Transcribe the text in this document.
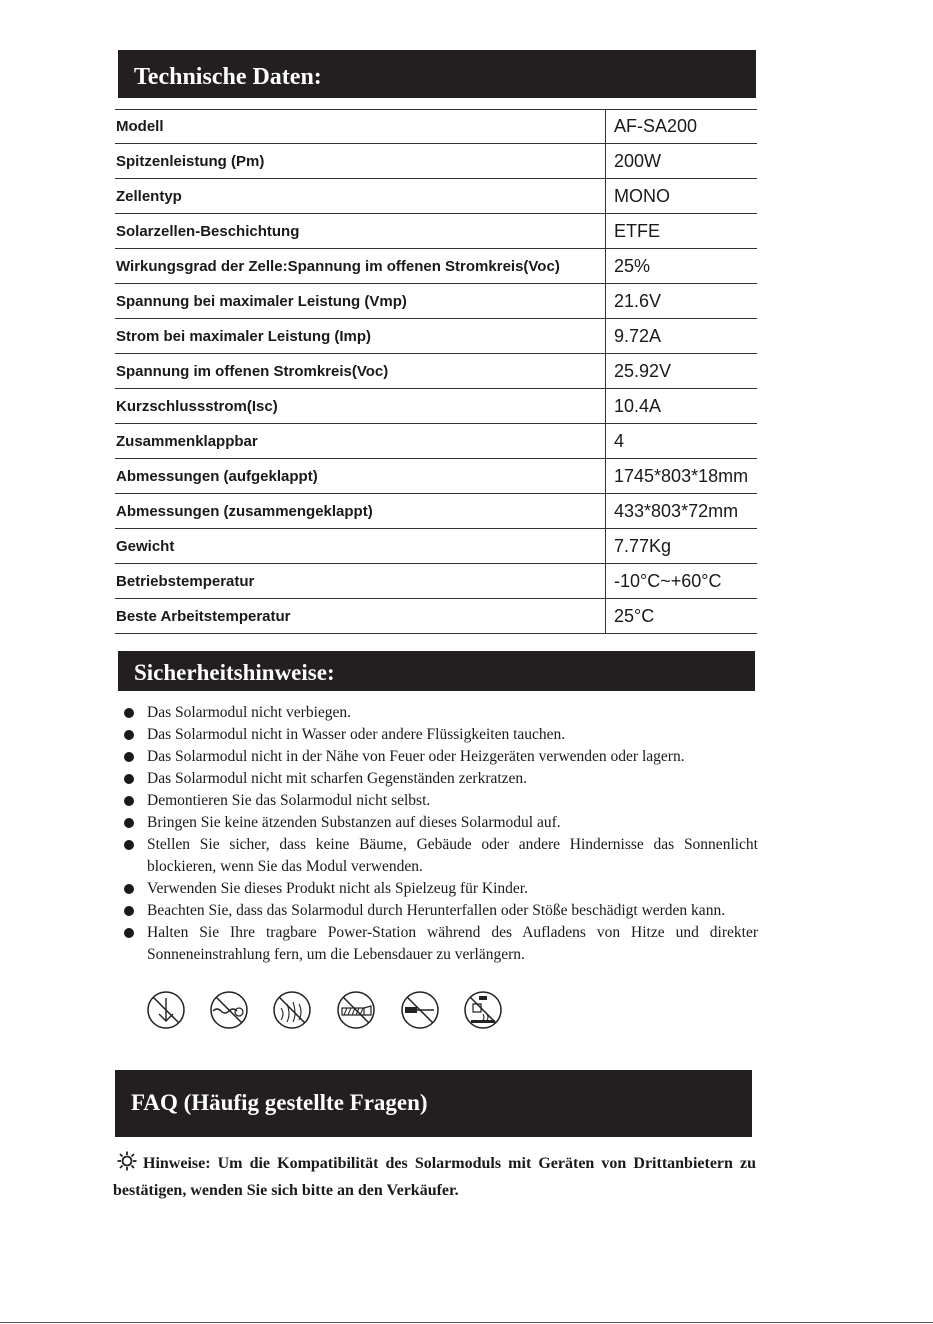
Technische Daten:
Modell	AF-SA200
Spitzenleistung (Pm)	200W
Zellentyp	MONO
Solarzellen-Beschichtung	ETFE
Wirkungsgrad der Zelle:Spannung im offenen Stromkreis(Voc)	25%
Spannung bei maximaler Leistung (Vmp)	21.6V
Strom bei maximaler Leistung (Imp)	9.72A
Spannung im offenen Stromkreis(Voc)	25.92V
Kurzschlussstrom(Isc)	10.4A
Zusammenklappbar	4
Abmessungen (aufgeklappt)	1745*803*18mm
Abmessungen (zusammengeklappt)	433*803*72mm
Gewicht	7.77Kg
Betriebstemperatur	-10°C~+60°C
Beste Arbeitstemperatur	25°C
Sicherheitshinweise:
Das Solarmodul nicht verbiegen.
Das Solarmodul nicht in Wasser oder andere Flüssigkeiten tauchen.
Das Solarmodul nicht in der Nähe von Feuer oder Heizgeräten verwenden oder lagern.
Das Solarmodul nicht mit scharfen Gegenständen zerkratzen.
Demontieren Sie das Solarmodul nicht selbst.
Bringen Sie keine ätzenden Substanzen auf dieses Solarmodul auf.
Stellen Sie sicher, dass keine Bäume, Gebäude oder andere Hindernisse das Sonnenlicht blockieren, wenn Sie das Modul verwenden.
Verwenden Sie dieses Produkt nicht als Spielzeug für Kinder.
Beachten Sie, dass das Solarmodul durch Herunterfallen oder Stöße beschädigt werden kann.
Halten Sie Ihre tragbare Power-Station während des Aufladens von Hitze und direkter Sonneneinstrahlung fern, um die Lebensdauer zu verlängern.
FAQ (Häufig gestellte Fragen)
Hinweise: Um die Kompatibilität des Solarmoduls mit Geräten von Drittanbietern zu bestätigen, wenden Sie sich bitte an den Verkäufer.
